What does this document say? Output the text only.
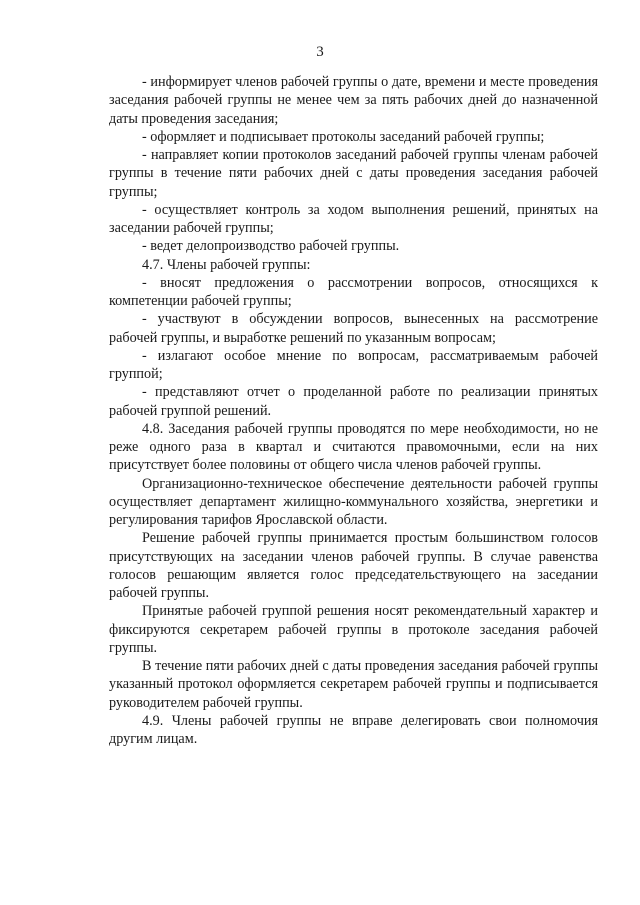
3

- информирует членов рабочей группы о дате, времени и месте проведения заседания рабочей группы не менее чем за пять рабочих дней до назначенной даты проведения заседания;

- оформляет и подписывает протоколы заседаний рабочей группы;

- направляет копии протоколов заседаний рабочей группы членам рабочей группы в течение пяти рабочих дней с даты проведения заседания рабочей группы;

- осуществляет контроль за ходом выполнения решений, принятых на заседании рабочей группы;

- ведет делопроизводство рабочей группы.

4.7. Члены рабочей группы:

- вносят предложения о рассмотрении вопросов, относящихся к компетенции рабочей группы;

- участвуют в обсуждении вопросов, вынесенных на рассмотрение рабочей группы, и выработке решений по указанным вопросам;

- излагают особое мнение по вопросам, рассматриваемым рабочей группой;

- представляют отчет о проделанной работе по реализации принятых рабочей группой решений.

4.8. Заседания рабочей группы проводятся по мере необходимости, но не реже одного раза в квартал и считаются правомочными, если на них присутствует более половины от общего числа членов рабочей группы.

Организационно-техническое обеспечение деятельности рабочей группы осуществляет департамент жилищно-коммунального хозяйства, энергетики и регулирования тарифов Ярославской области.

Решение рабочей группы принимается простым большинством голосов присутствующих на заседании членов рабочей группы. В случае равенства голосов решающим является голос председательствующего на заседании рабочей группы.

Принятые рабочей группой решения носят рекомендательный характер и фиксируются секретарем рабочей группы в протоколе заседания рабочей группы.

В течение пяти рабочих дней с даты проведения заседания рабочей группы указанный протокол оформляется секретарем рабочей группы и подписывается руководителем рабочей группы.

4.9. Члены рабочей группы не вправе делегировать свои полномочия другим лицам.
